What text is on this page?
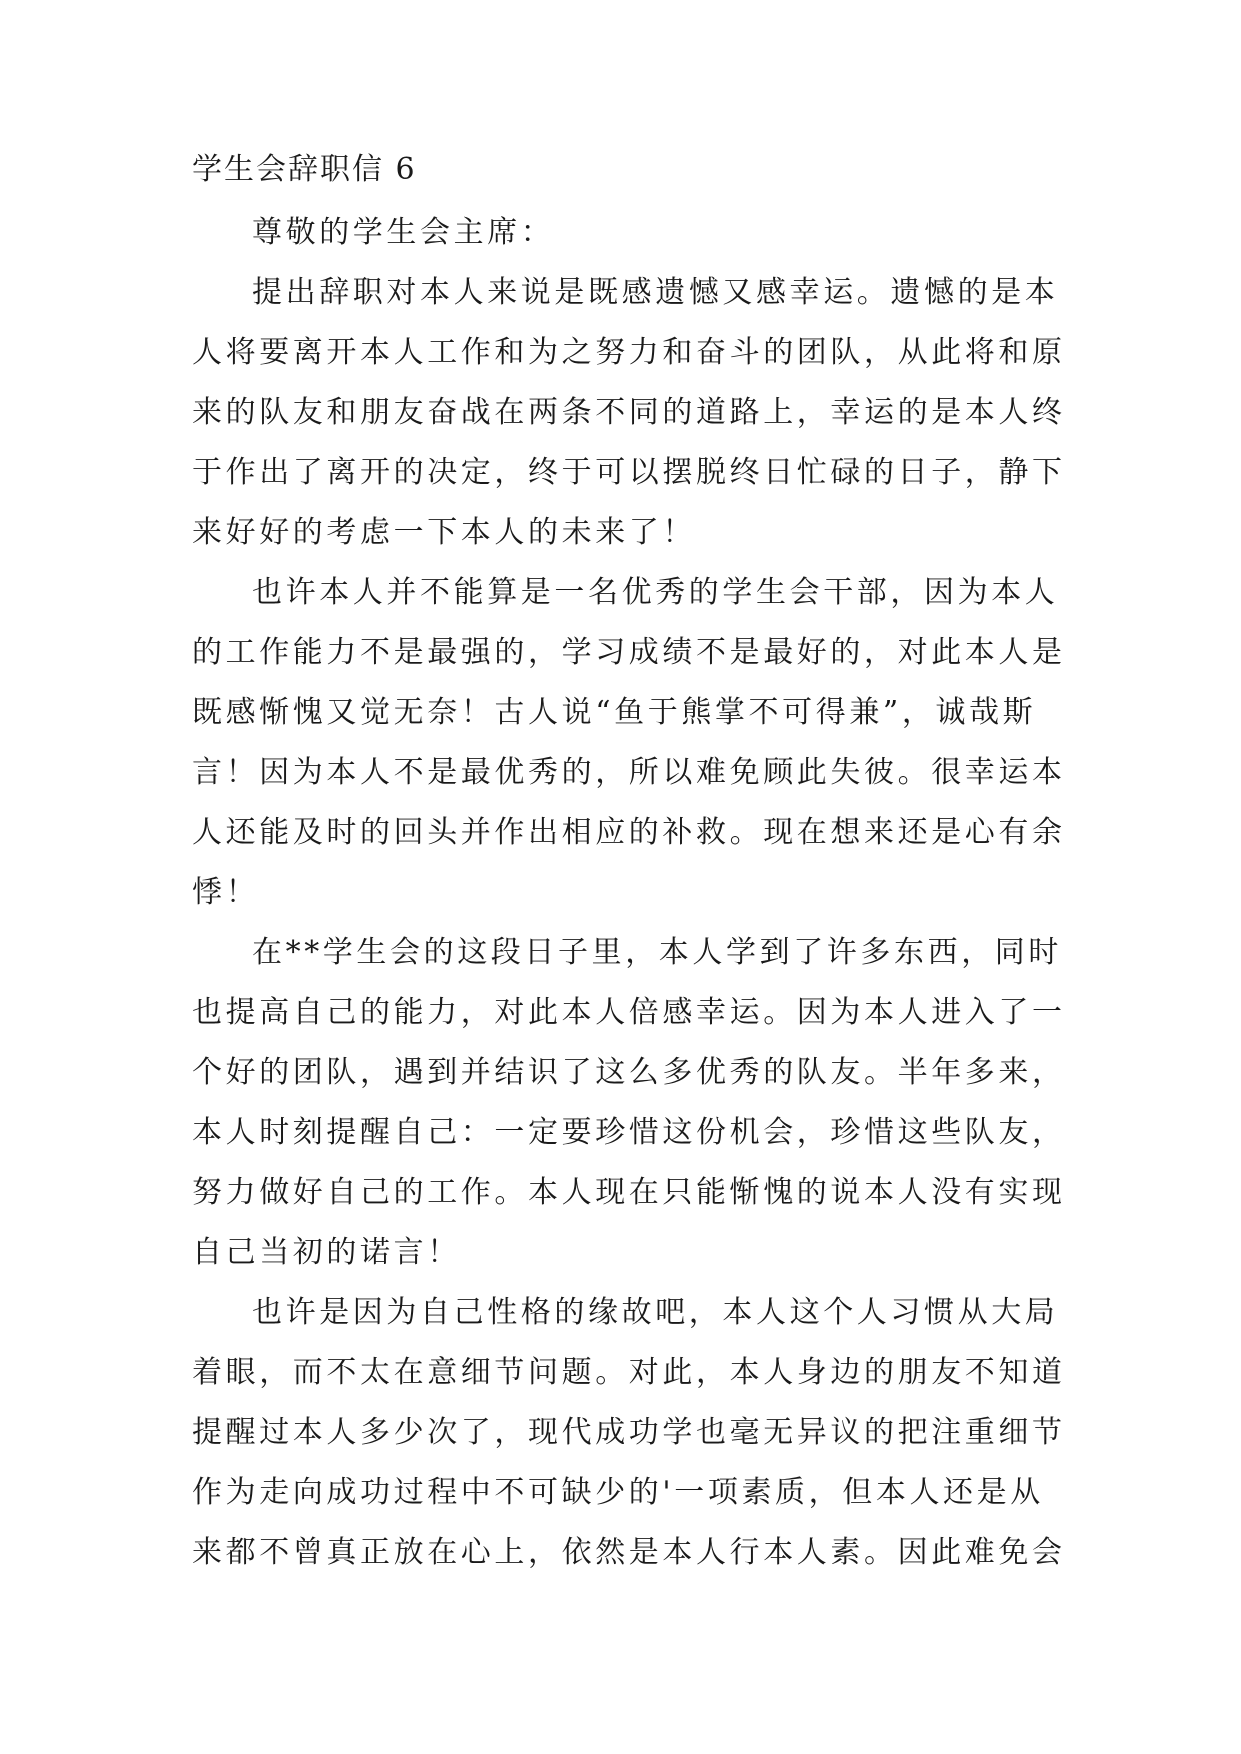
学生会辞职信 6
尊敬的学生会主席：
提出辞职对本人来说是既感遗憾又感幸运。遗憾的是本
人将要离开本人工作和为之努力和奋斗的团队，从此将和原
来的队友和朋友奋战在两条不同的道路上，幸运的是本人终
于作出了离开的决定，终于可以摆脱终日忙碌的日子，静下
来好好的考虑一下本人的未来了！
也许本人并不能算是一名优秀的学生会干部，因为本人
的工作能力不是最强的，学习成绩不是最好的，对此本人是
既感惭愧又觉无奈！古人说“鱼于熊掌不可得兼”，诚哉斯
言！因为本人不是最优秀的，所以难免顾此失彼。很幸运本
人还能及时的回头并作出相应的补救。现在想来还是心有余
悸！
在**学生会的这段日子里，本人学到了许多东西，同时
也提高自己的能力，对此本人倍感幸运。因为本人进入了一
个好的团队，遇到并结识了这么多优秀的队友。半年多来，
本人时刻提醒自己：一定要珍惜这份机会，珍惜这些队友，
努力做好自己的工作。本人现在只能惭愧的说本人没有实现
自己当初的诺言！
也许是因为自己性格的缘故吧，本人这个人习惯从大局
着眼，而不太在意细节问题。对此，本人身边的朋友不知道
提醒过本人多少次了，现代成功学也毫无异议的把注重细节
作为走向成功过程中不可缺少的'一项素质，但本人还是从
来都不曾真正放在心上，依然是本人行本人素。因此难免会
